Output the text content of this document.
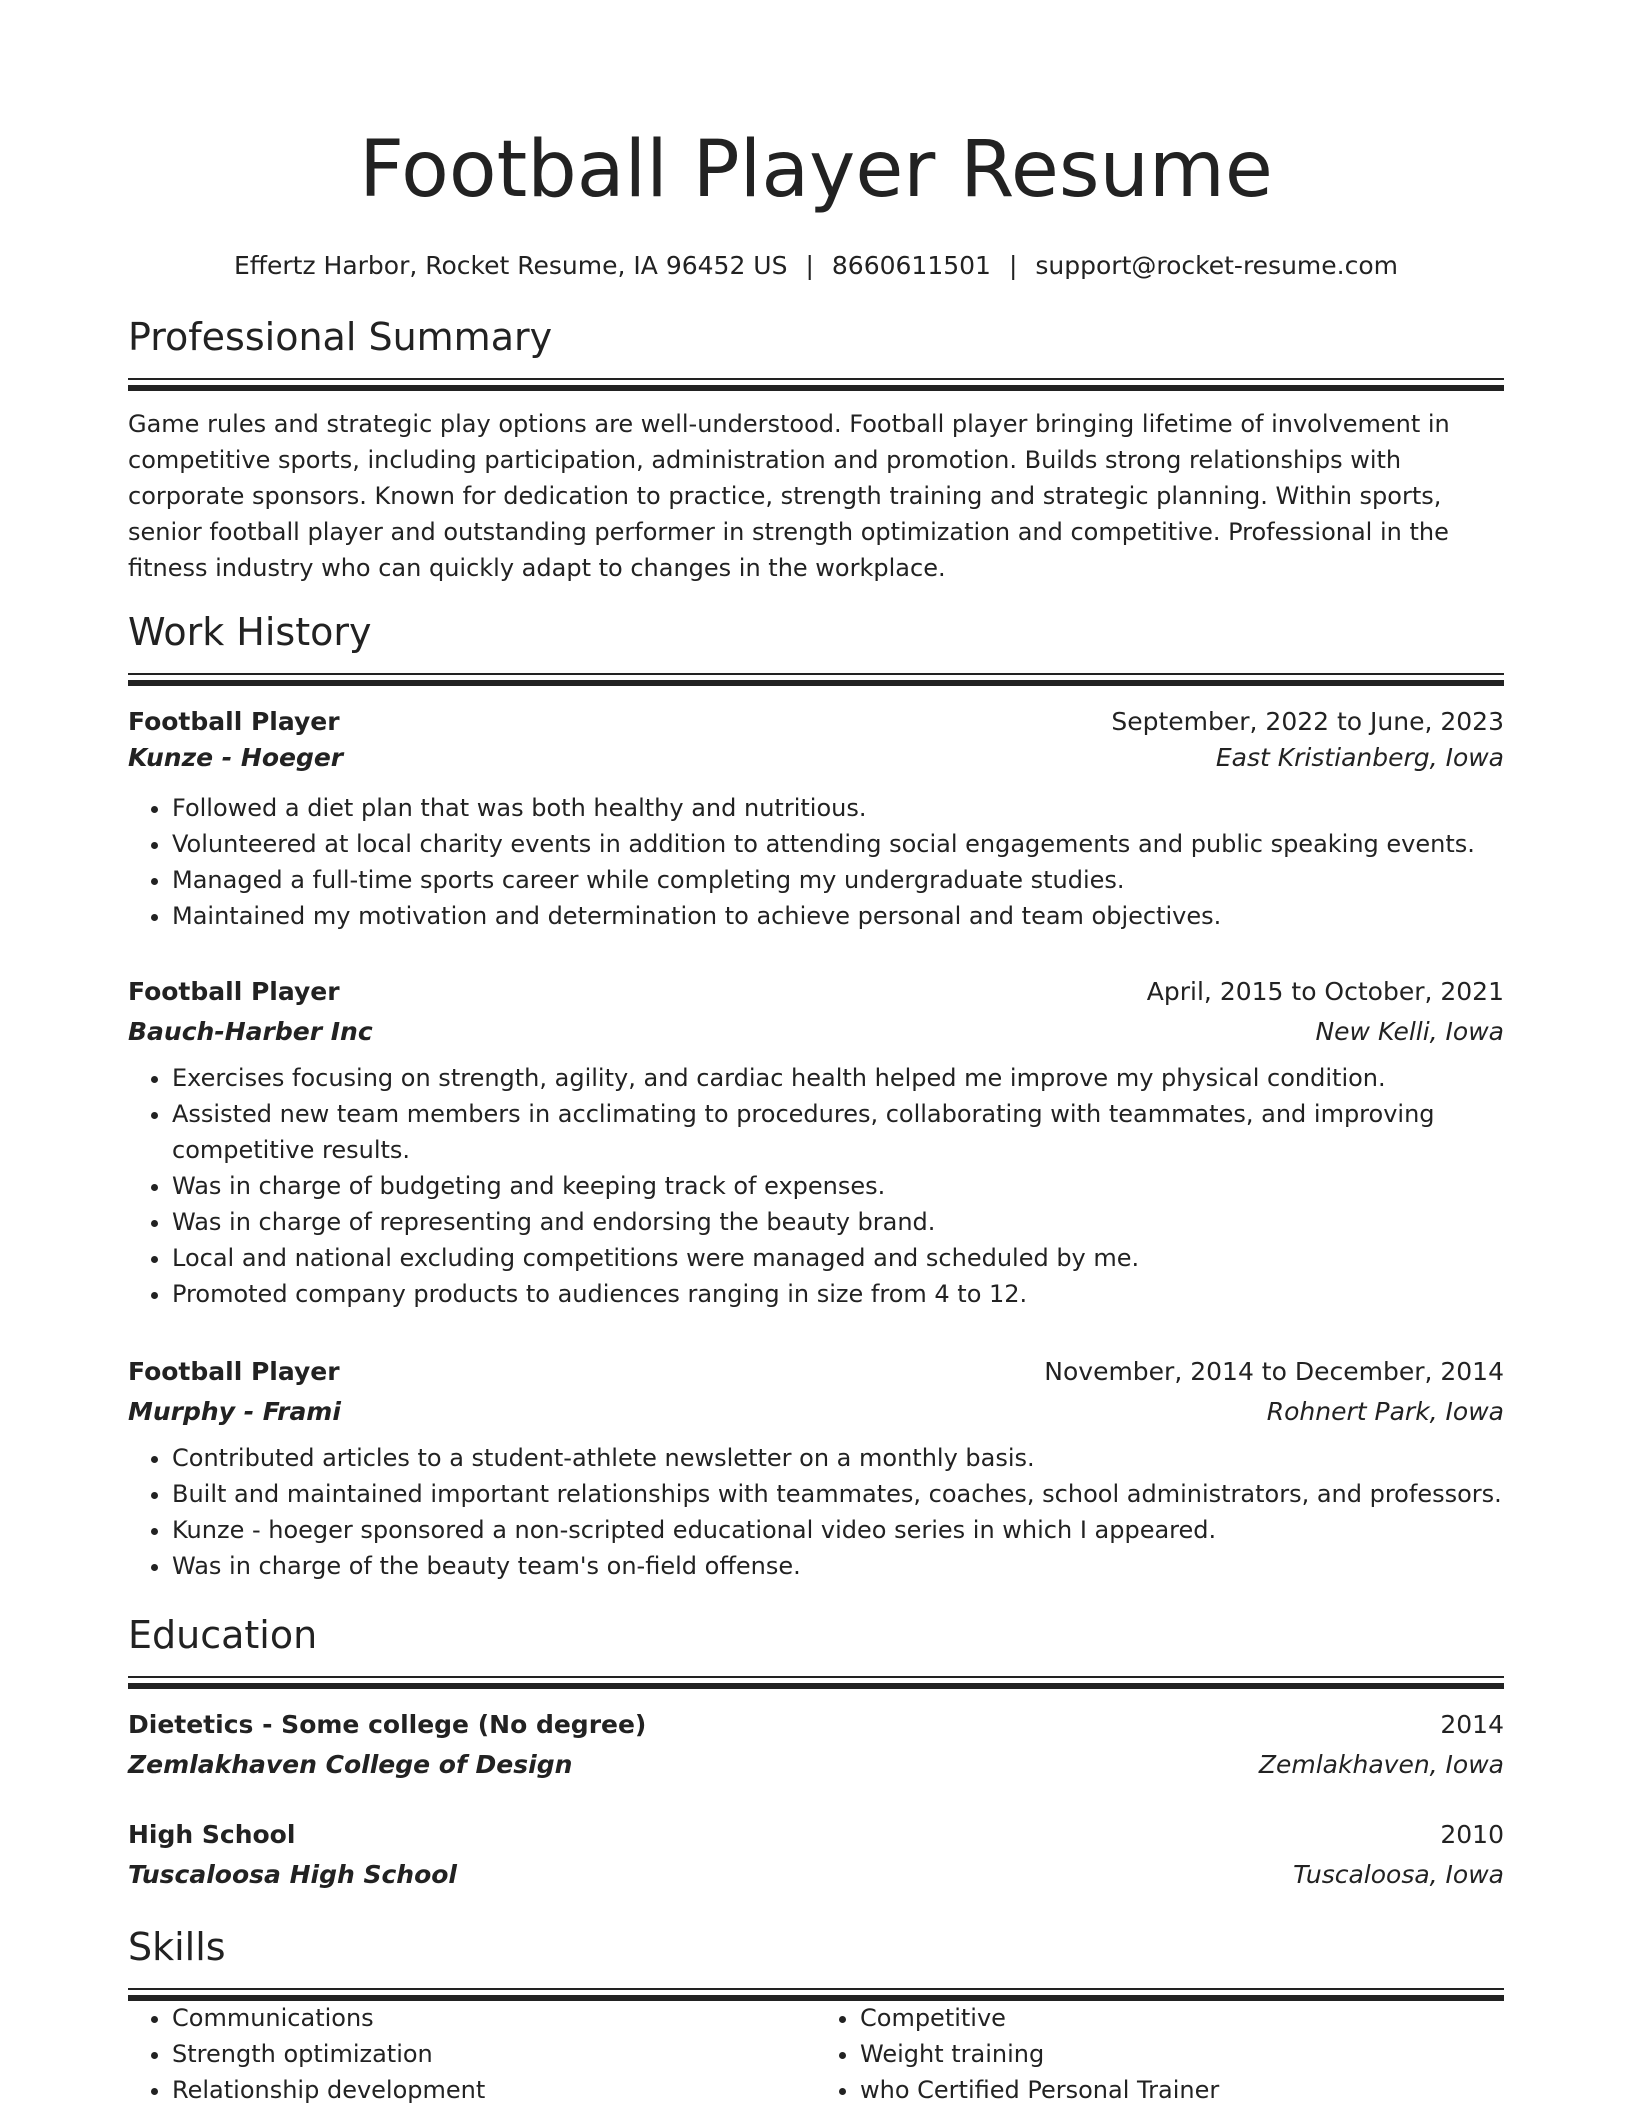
Football Player Resume
Effertz Harbor, Rocket Resume, IA 96452 US | 8660611501 | support@rocket-resume.com
Professional Summary
Game rules and strategic play options are well-understood. Football player bringing lifetime of involvement in competitive sports, including participation, administration and promotion. Builds strong relationships with corporate sponsors. Known for dedication to practice, strength training and strategic planning. Within sports, senior football player and outstanding performer in strength optimization and competitive. Professional in the fitness industry who can quickly adapt to changes in the workplace.
Work History
Football Player	September, 2022 to June, 2023
Kunze - Hoeger	East Kristianberg, Iowa
• Followed a diet plan that was both healthy and nutritious.
• Volunteered at local charity events in addition to attending social engagements and public speaking events.
• Managed a full-time sports career while completing my undergraduate studies.
• Maintained my motivation and determination to achieve personal and team objectives.
Football Player	April, 2015 to October, 2021
Bauch-Harber Inc	New Kelli, Iowa
• Exercises focusing on strength, agility, and cardiac health helped me improve my physical condition.
• Assisted new team members in acclimating to procedures, collaborating with teammates, and improving competitive results.
• Was in charge of budgeting and keeping track of expenses.
• Was in charge of representing and endorsing the beauty brand.
• Local and national excluding competitions were managed and scheduled by me.
• Promoted company products to audiences ranging in size from 4 to 12.
Football Player	November, 2014 to December, 2014
Murphy - Frami	Rohnert Park, Iowa
• Contributed articles to a student-athlete newsletter on a monthly basis.
• Built and maintained important relationships with teammates, coaches, school administrators, and professors.
• Kunze - hoeger sponsored a non-scripted educational video series in which I appeared.
• Was in charge of the beauty team's on-field offense.
Education
Dietetics - Some college (No degree)	2014
Zemlakhaven College of Design	Zemlakhaven, Iowa
High School	2010
Tuscaloosa High School	Tuscaloosa, Iowa
Skills
• Communications
• Strength optimization
• Relationship development
• Competitive
• Weight training
• who Certified Personal Trainer
